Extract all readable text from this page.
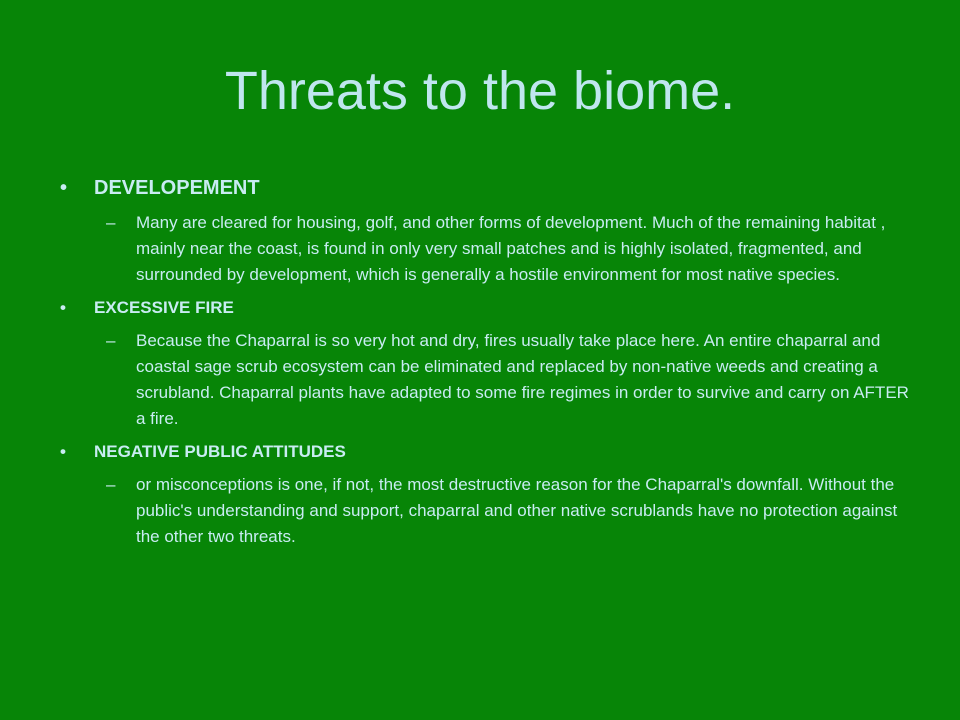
Threats to the biome.
• DEVELOPEMENT
– Many are cleared for housing, golf, and other forms of development. Much of the remaining habitat , mainly near the coast, is found in only very small patches and is highly isolated, fragmented, and surrounded by development, which is generally a hostile environment for most native species.
• EXCESSIVE FIRE
– Because the Chaparral is so very hot and dry, fires usually take place here. An entire chaparral and coastal sage scrub ecosystem can be eliminated and replaced by non-native weeds and creating a scrubland. Chaparral plants have adapted to some fire regimes in order to survive and carry on AFTER a fire.
• NEGATIVE PUBLIC ATTITUDES
– or misconceptions is one, if not, the most destructive reason for the Chaparral's downfall. Without the public's understanding and support, chaparral and other native scrublands have no protection against the other two threats.
